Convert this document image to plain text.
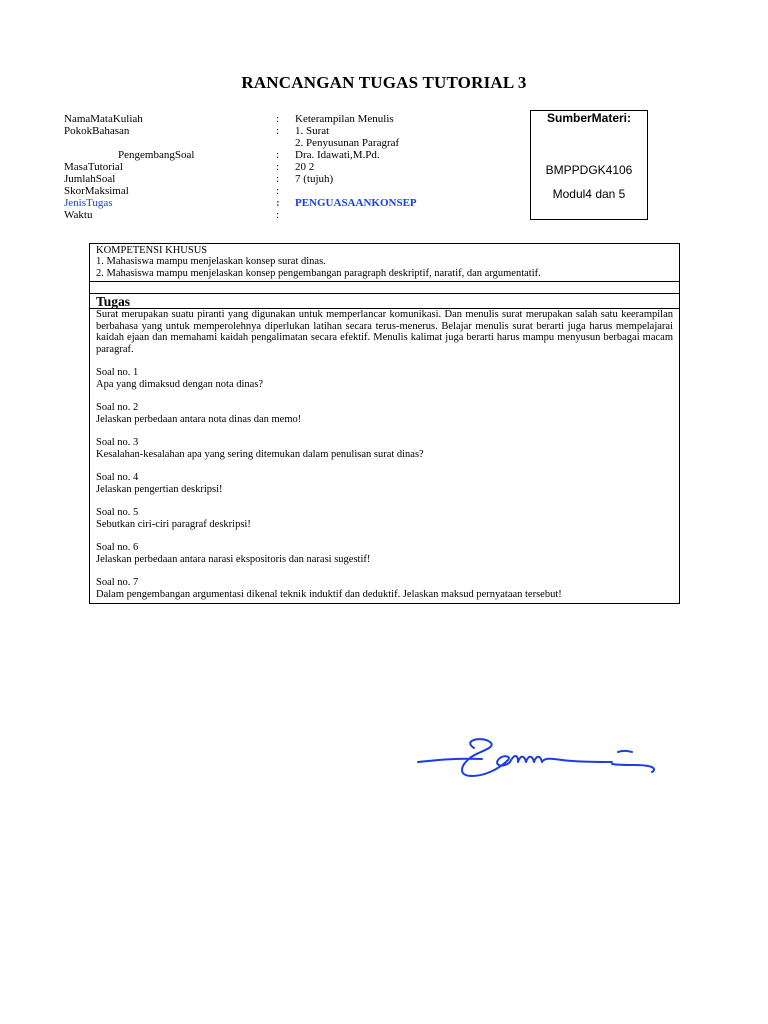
RANCANGAN TUGAS TUTORIAL 3
NamaMataKuliah	: Keterampilan Menulis
PokokBahasan	: 1. Surat
2. Penyusunan Paragraf
PengembangSoal	: Dra. Idawati,M.Pd.
MasaTutorial	: 20 2
JumlahSoal	: 7 (tujuh)
SkorMaksimal	:
JenisTugas	: PENGUASAANKONSEP
Waktu	:
SumberMateri:
BMPPDGK4106
Modul4 dan 5
KOMPETENSI KHUSUS
1. Mahasiswa mampu menjelaskan konsep surat dinas.
2. Mahasiswa mampu menjelaskan konsep pengembangan paragraph deskriptif, naratif, dan argumentatif.
Tugas
Surat merupakan suatu piranti yang digunakan untuk memperlancar komunikasi. Dan menulis surat merupakan salah satu keerampilan berbahasa yang untuk memperolehnya diperlukan latihan secara terus-menerus. Belajar menulis surat berarti juga harus mempelajarai kaidah ejaan dan memahami kaidah pengalimatan secara efektif. Menulis kalimat juga berarti harus mampu menyusun berbagai macam paragraf.
Soal no. 1
Apa yang dimaksud dengan nota dinas?
Soal no. 2
Jelaskan perbedaan antara nota dinas dan memo!
Soal no. 3
Kesalahan-kesalahan apa yang sering ditemukan dalam penulisan surat dinas?
Soal no. 4
Jelaskan pengertian deskripsi!
Soal no. 5
Sebutkan ciri-ciri paragraf deskripsi!
Soal no. 6
Jelaskan perbedaan antara narasi ekspositoris dan narasi sugestif!
Soal no. 7
Dalam pengembangan argumentasi dikenal teknik induktif dan deduktif. Jelaskan maksud pernyataan tersebut!
